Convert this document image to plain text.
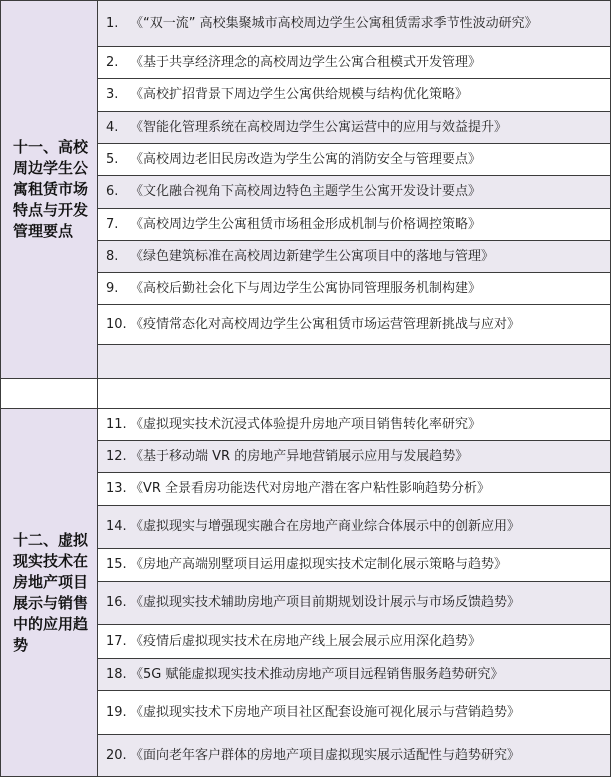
十一、高校周边学生公寓租赁市场特点与开发管理要点	1. 《“双一流” 高校集聚城市高校周边学生公寓租赁需求季节性波动研究》
	2. 《基于共享经济理念的高校周边学生公寓合租模式开发管理》
	3. 《高校扩招背景下周边学生公寓供给规模与结构优化策略》
	4. 《智能化管理系统在高校周边学生公寓运营中的应用与效益提升》
	5. 《高校周边老旧民房改造为学生公寓的消防安全与管理要点》
	6. 《文化融合视角下高校周边特色主题学生公寓开发设计要点》
	7. 《高校周边学生公寓租赁市场租金形成机制与价格调控策略》
	8. 《绿色建筑标准在高校周边新建学生公寓项目中的落地与管理》
	9. 《高校后勤社会化下与周边学生公寓协同管理服务机制构建》
	10. 《疫情常态化对高校周边学生公寓租赁市场运营管理新挑战与应对》

十二、虚拟现实技术在房地产项目展示与销售中的应用趋势	11. 《虚拟现实技术沉浸式体验提升房地产项目销售转化率研究》
	12. 《基于移动端 VR 的房地产异地营销展示应用与发展趋势》
	13. 《VR 全景看房功能迭代对房地产潜在客户粘性影响趋势分析》
	14. 《虚拟现实与增强现实融合在房地产商业综合体展示中的创新应用》
	15. 《房地产高端别墅项目运用虚拟现实技术定制化展示策略与趋势》
	16. 《虚拟现实技术辅助房地产项目前期规划设计展示与市场反馈趋势》
	17. 《疫情后虚拟现实技术在房地产线上展会展示应用深化趋势》
	18. 《5G 赋能虚拟现实技术推动房地产项目远程销售服务趋势研究》
	19. 《虚拟现实技术下房地产项目社区配套设施可视化展示与营销趋势》
	20. 《面向老年客户群体的房地产项目虚拟现实展示适配性与趋势研究》
